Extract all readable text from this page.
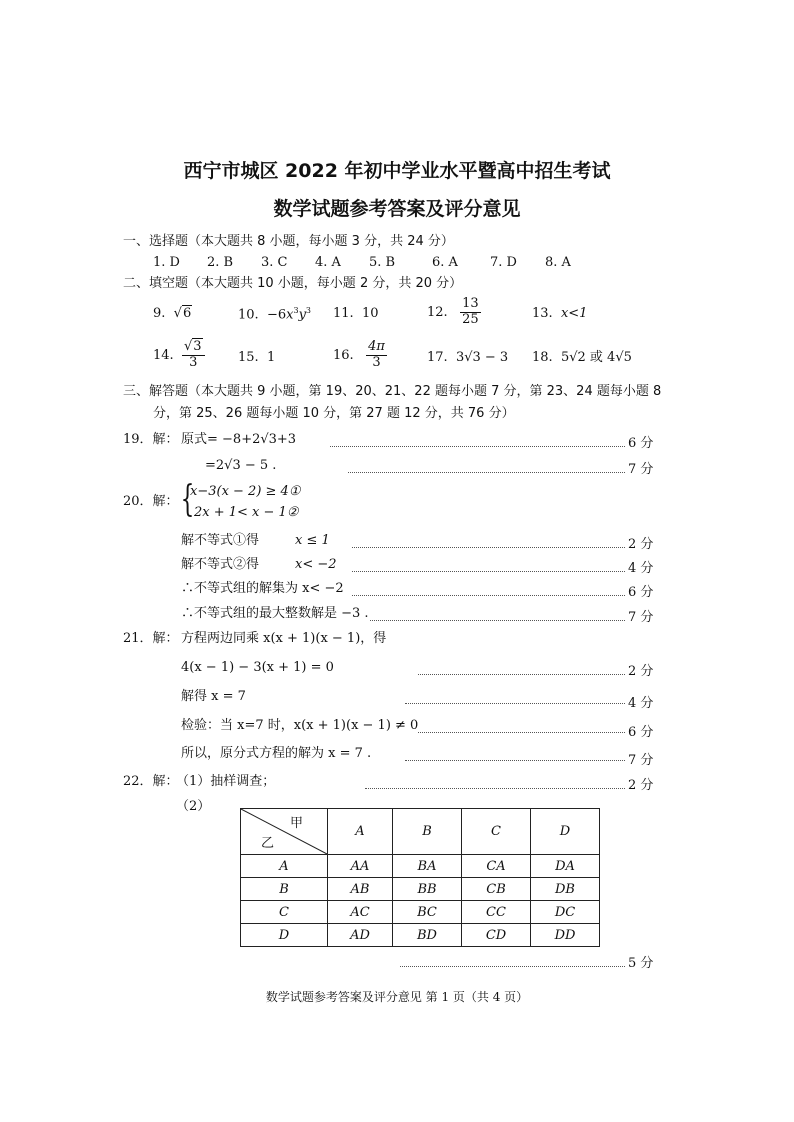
西宁市城区 2022 年初中学业水平暨高中招生考试
数学试题参考答案及评分意见
一、选择题（本大题共 8 小题，每小题 3 分，共 24 分）
1. D 2. B 3. C 4. A 5. B	6. A 7. D 8. A
二、填空题（本大题共 10 小题，每小题 2 分，共 20 分）
9.  √6	10.  $-6x^3y^3$ 11. 10	12. $\frac{13}{25}$	13. x<1
14. $\frac{√3}{3}$	15. 1	16. $\frac{4\pi}{3}$	17. 3√3 − 3 18. 5√2 或 4√5
三、解答题（本大题共 9 小题，第 19、20、21、22 题每小题 7 分，第 23、24 题每小题 8
分，第 25、26 题每小题 10 分，第 27 题 12 分，共 76 分）
19．解： 原式= −8+2√3+3	6 分
=2√3 − 5 .	7 分
20．解： {
x−3(x − 2) ≥ 4①
2x + 1< x − 1②
解不等式①得	x ≤ 1	2 分
解不等式②得	x< −2	4 分
∴不等式组的解集为 x< −2	6 分
∴不等式组的最大整数解是 −3 .	7 分
21．解： 方程两边同乘 x(x + 1)(x − 1)，得
4(x − 1) − 3(x + 1) = 0	2 分
解得 x = 7	4 分
检验：当 x=7 时，x(x + 1)(x − 1) ≠ 0	6 分
所以，原分式方程的解为 x = 7 .	7 分
22．解：
（1）抽样调查；	2 分
（2）
甲
乙	A	B	C	D
A	AA	BA	CA	DA
B	AB	BB	CB	DB
C	AC	BC	CC	DC
D	AD	BD	CD	DD
5 分
数学试题参考答案及评分意见 第 1 页（共 4 页）
